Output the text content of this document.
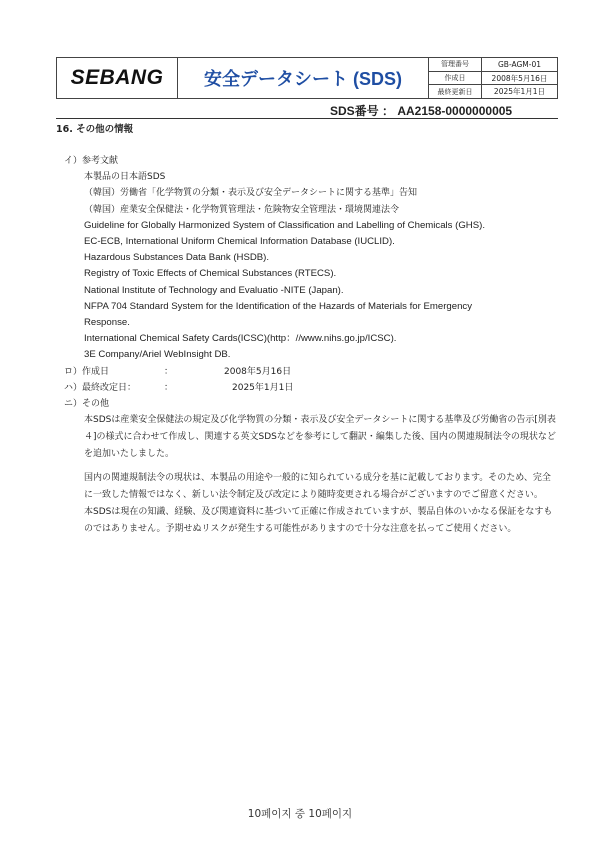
SEBANG 安全データシート (SDS)
管理番号	GB-AGM-01
作成日	2008年5月16日
最終更新日	2025年1月1日
SDS番号 ： AA2158-0000000005
16. その他の情報
イ）参考文献
本製品の日本語SDS
（韓国）労働省「化学物質の分類・表示及び安全データシートに関する基準」告知
（韓国）産業安全保健法・化学物質管理法・危険物安全管理法・環境関連法令
Guideline for Globally Harmonized System of Classification and Labelling of Chemicals (GHS).
EC-ECB, International Uniform Chemical Information Database (IUCLID).
Hazardous Substances Data Bank (HSDB).
Registry of Toxic Effects of Chemical Substances (RTECS).
National Institute of Technology and Evaluatio -NITE (Japan).
NFPA 704 Standard System for the Identification of the Hazards of Materials for Emergency
Response.
International Chemical Safety Cards(ICSC)(http：//www.nihs.go.jp/ICSC).
3E Company/Ariel WebInsight DB.
ロ）作成日	：	2008年5月16日
ハ）最終改定日：	：	2025年1月1日
ニ）その他
本SDSは産業安全保健法の規定及び化学物質の分類・表示及び安全データシートに関する基準及び労働省の告示[別表４]の様式に合わせて作成し、関連する英文SDSなどを参考にして翻訳・編集した後、国内の関連規制法令の現状などを追加いたしました。
国内の関連規制法令の現状は、本製品の用途や一般的に知られている成分を基に記載しております。そのため、完全に一致した情報ではなく、新しい法令制定及び改定により随時変更される場合がございますのでご留意ください。
本SDSは現在の知識、経験、及び関連資料に基づいて正確に作成されていますが、製品自体のいかなる保証をなすものではありません。予期せぬリスクが発生する可能性がありますので十分な注意を払ってご使用ください。
10페이지 중 10페이지
